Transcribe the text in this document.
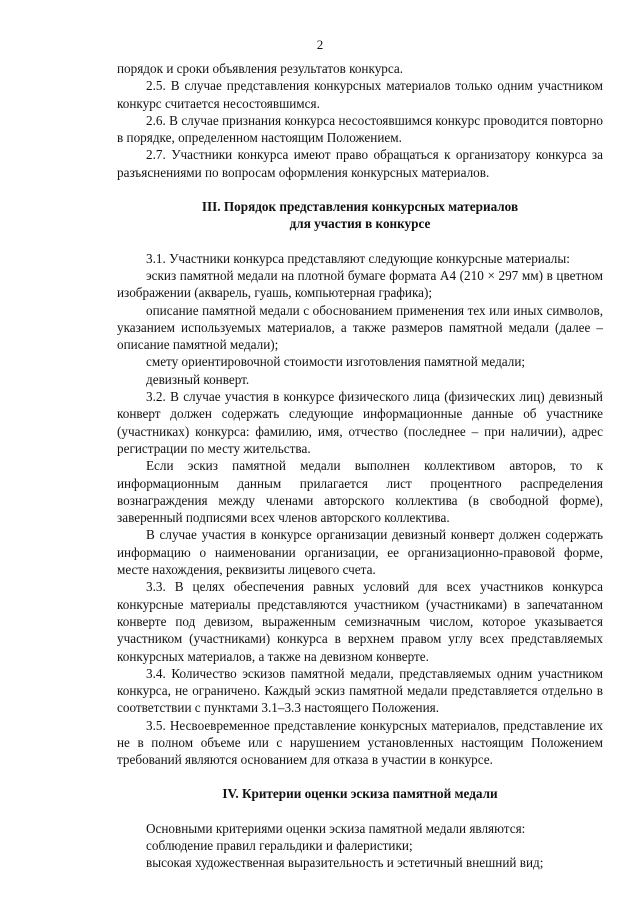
2

порядок и сроки объявления результатов конкурса.

2.5. В случае представления конкурсных материалов только одним участником конкурс считается несостоявшимся.

2.6. В случае признания конкурса несостоявшимся конкурс проводится повторно в порядке, определенном настоящим Положением.

2.7. Участники конкурса имеют право обращаться к организатору конкурса за разъяснениями по вопросам оформления конкурсных материалов.

III. Порядок представления конкурсных материалов
для участия в конкурсе

3.1. Участники конкурса представляют следующие конкурсные материалы:

эскиз памятной медали на плотной бумаге формата А4 (210 × 297 мм) в цветном изображении (акварель, гуашь, компьютерная графика);

описание памятной медали с обоснованием применения тех или иных символов, указанием используемых материалов, а также размеров памятной медали (далее – описание памятной медали);

смету ориентировочной стоимости изготовления памятной медали;

девизный конверт.

3.2. В случае участия в конкурсе физического лица (физических лиц) девизный конверт должен содержать следующие информационные данные об участнике (участниках) конкурса: фамилию, имя, отчество (последнее – при наличии), адрес регистрации по месту жительства.

Если эскиз памятной медали выполнен коллективом авторов, то к информационным данным прилагается лист процентного распределения вознаграждения между членами авторского коллектива (в свободной форме), заверенный подписями всех членов авторского коллектива.

В случае участия в конкурсе организации девизный конверт должен содержать информацию о наименовании организации, ее организационно-правовой форме, месте нахождения, реквизиты лицевого счета.

3.3. В целях обеспечения равных условий для всех участников конкурса конкурсные материалы представляются участником (участниками) в запечатанном конверте под девизом, выраженным семизначным числом, которое указывается участником (участниками) конкурса в верхнем правом углу всех представляемых конкурсных материалов, а также на девизном конверте.

3.4. Количество эскизов памятной медали, представляемых одним участником конкурса, не ограничено. Каждый эскиз памятной медали представляется отдельно в соответствии с пунктами 3.1–3.3 настоящего Положения.

3.5. Несвоевременное представление конкурсных материалов, представление их не в полном объеме или с нарушением установленных настоящим Положением требований являются основанием для отказа в участии в конкурсе.

IV. Критерии оценки эскиза памятной медали

Основными критериями оценки эскиза памятной медали являются:

соблюдение правил геральдики и фалеристики;

высокая художественная выразительность и эстетичный внешний вид;
